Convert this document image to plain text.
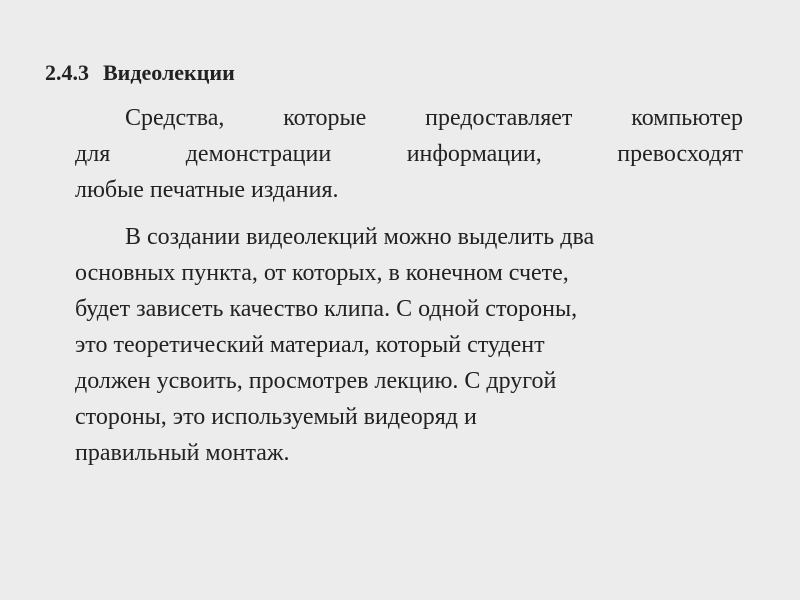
2.4.3 Видеолекции

Средства, которые предоставляет компьютер
для демонстрации информации, превосходят
любые печатные издания.

В создании видеолекций можно выделить два
основных пункта, от которых, в конечном счете,
будет зависеть качество клипа. С одной стороны,
это теоретический материал, который студент
должен усвоить, просмотрев лекцию. С другой
стороны, это используемый видеоряд и
правильный монтаж.
